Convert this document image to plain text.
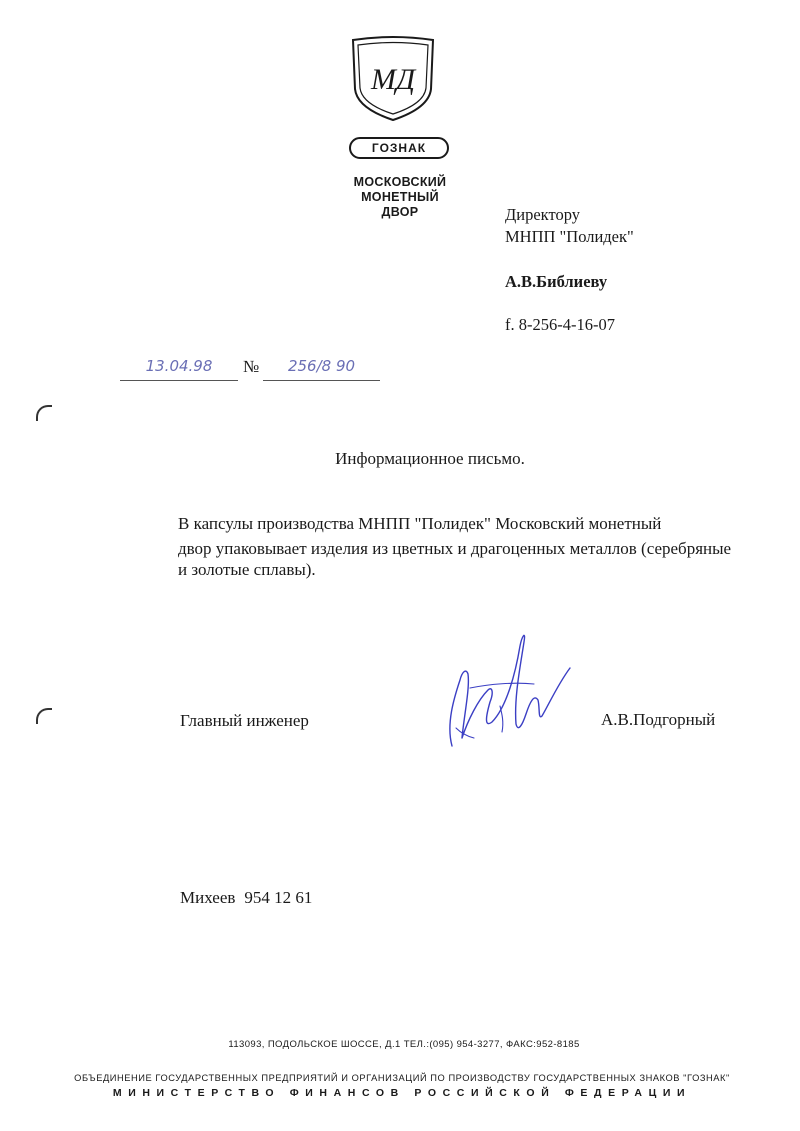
МД
ГОЗНАК
МОСКОВСКИЙ
МОНЕТНЫЙ
ДВОР	Директору
МНПП "Полидек"
А.В.Библиеву
f. 8-256-4-16-07
13.04.98	№	256/8 90
Информационное письмо.
В капсулы производства МНПП "Полидек" Московский монетный
двор упаковывает изделия из цветных и драгоценных металлов (серебряные
и золотые сплавы).
Главный инженер	А.В.Подгорный
Михеев 954 12 61
113093, ПОДОЛЬСКОЕ ШОССЕ, Д.1 ТЕЛ.:(095) 954-3277, ФАКС:952-8185
ОБЪЕДИНЕНИЕ ГОСУДАРСТВЕННЫХ ПРЕДПРИЯТИЙ И ОРГАНИЗАЦИЙ ПО ПРОИЗВОДСТВУ ГОСУДАРСТВЕННЫХ ЗНАКОВ "ГОЗНАК"
МИНИСТЕРСТВО ФИНАНСОВ РОССИЙСКОЙ ФЕДЕРАЦИИ
